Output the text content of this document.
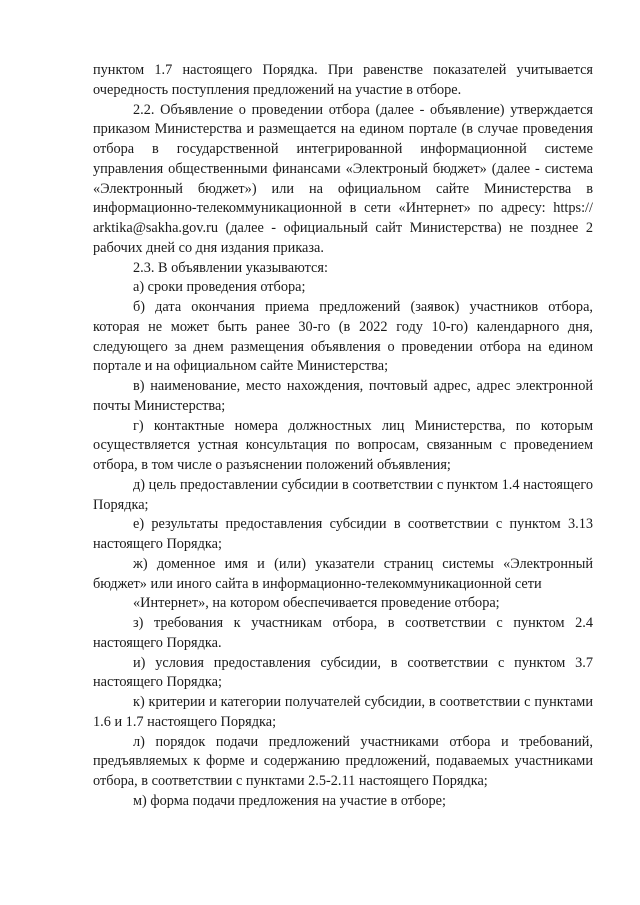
пунктом 1.7 настоящего Порядка. При равенстве показателей учитывается очередность поступления предложений на участие в отборе.

2.2. Объявление о проведении отбора (далее - объявление) утверждается приказом Министерства и размещается на едином портале (в случае проведения отбора в государственной интегрированной информационной системе управления общественными финансами «Электроный бюджет» (далее - система «Электронный бюджет») или на официальном сайте Министерства в информационно-телекоммуникационной в сети «Интернет» по адресу: https:// arktika@sakha.gov.ru (далее - официальный сайт Министерства) не позднее 2 рабочих дней со дня издания приказа.

2.3. В объявлении указываются:

а) сроки проведения отбора;

б) дата окончания приема предложений (заявок) участников отбора, которая не может быть ранее 30-го (в 2022 году 10-го) календарного дня, следующего за днем размещения объявления о проведении отбора на едином портале и на официальном сайте Министерства;

в) наименование, место нахождения, почтовый адрес, адрес электронной почты Министерства;

г) контактные номера должностных лиц Министерства, по которым осуществляется устная консультация по вопросам, связанным с проведением отбора, в том числе о разъяснении положений объявления;

д) цель предоставлении субсидии в соответствии с пунктом 1.4 настоящего Порядка;

е) результаты предоставления субсидии в соответствии с пунктом 3.13 настоящего Порядка;

ж) доменное имя и (или) указатели страниц системы «Электронный бюджет» или иного сайта в информационно-телекоммуникационной сети

«Интернет», на котором обеспечивается проведение отбора;

з) требования к участникам отбора, в соответствии с пунктом 2.4 настоящего Порядка.

и) условия предоставления субсидии, в соответствии с пунктом 3.7 настоящего Порядка;

к) критерии и категории получателей субсидии, в соответствии с пунктами 1.6 и 1.7 настоящего Порядка;

л) порядок подачи предложений участниками отбора и требований, предъявляемых к форме и содержанию предложений, подаваемых участниками отбора, в соответствии с пунктами 2.5-2.11 настоящего Порядка;

м) форма подачи предложения на участие в отборе;
